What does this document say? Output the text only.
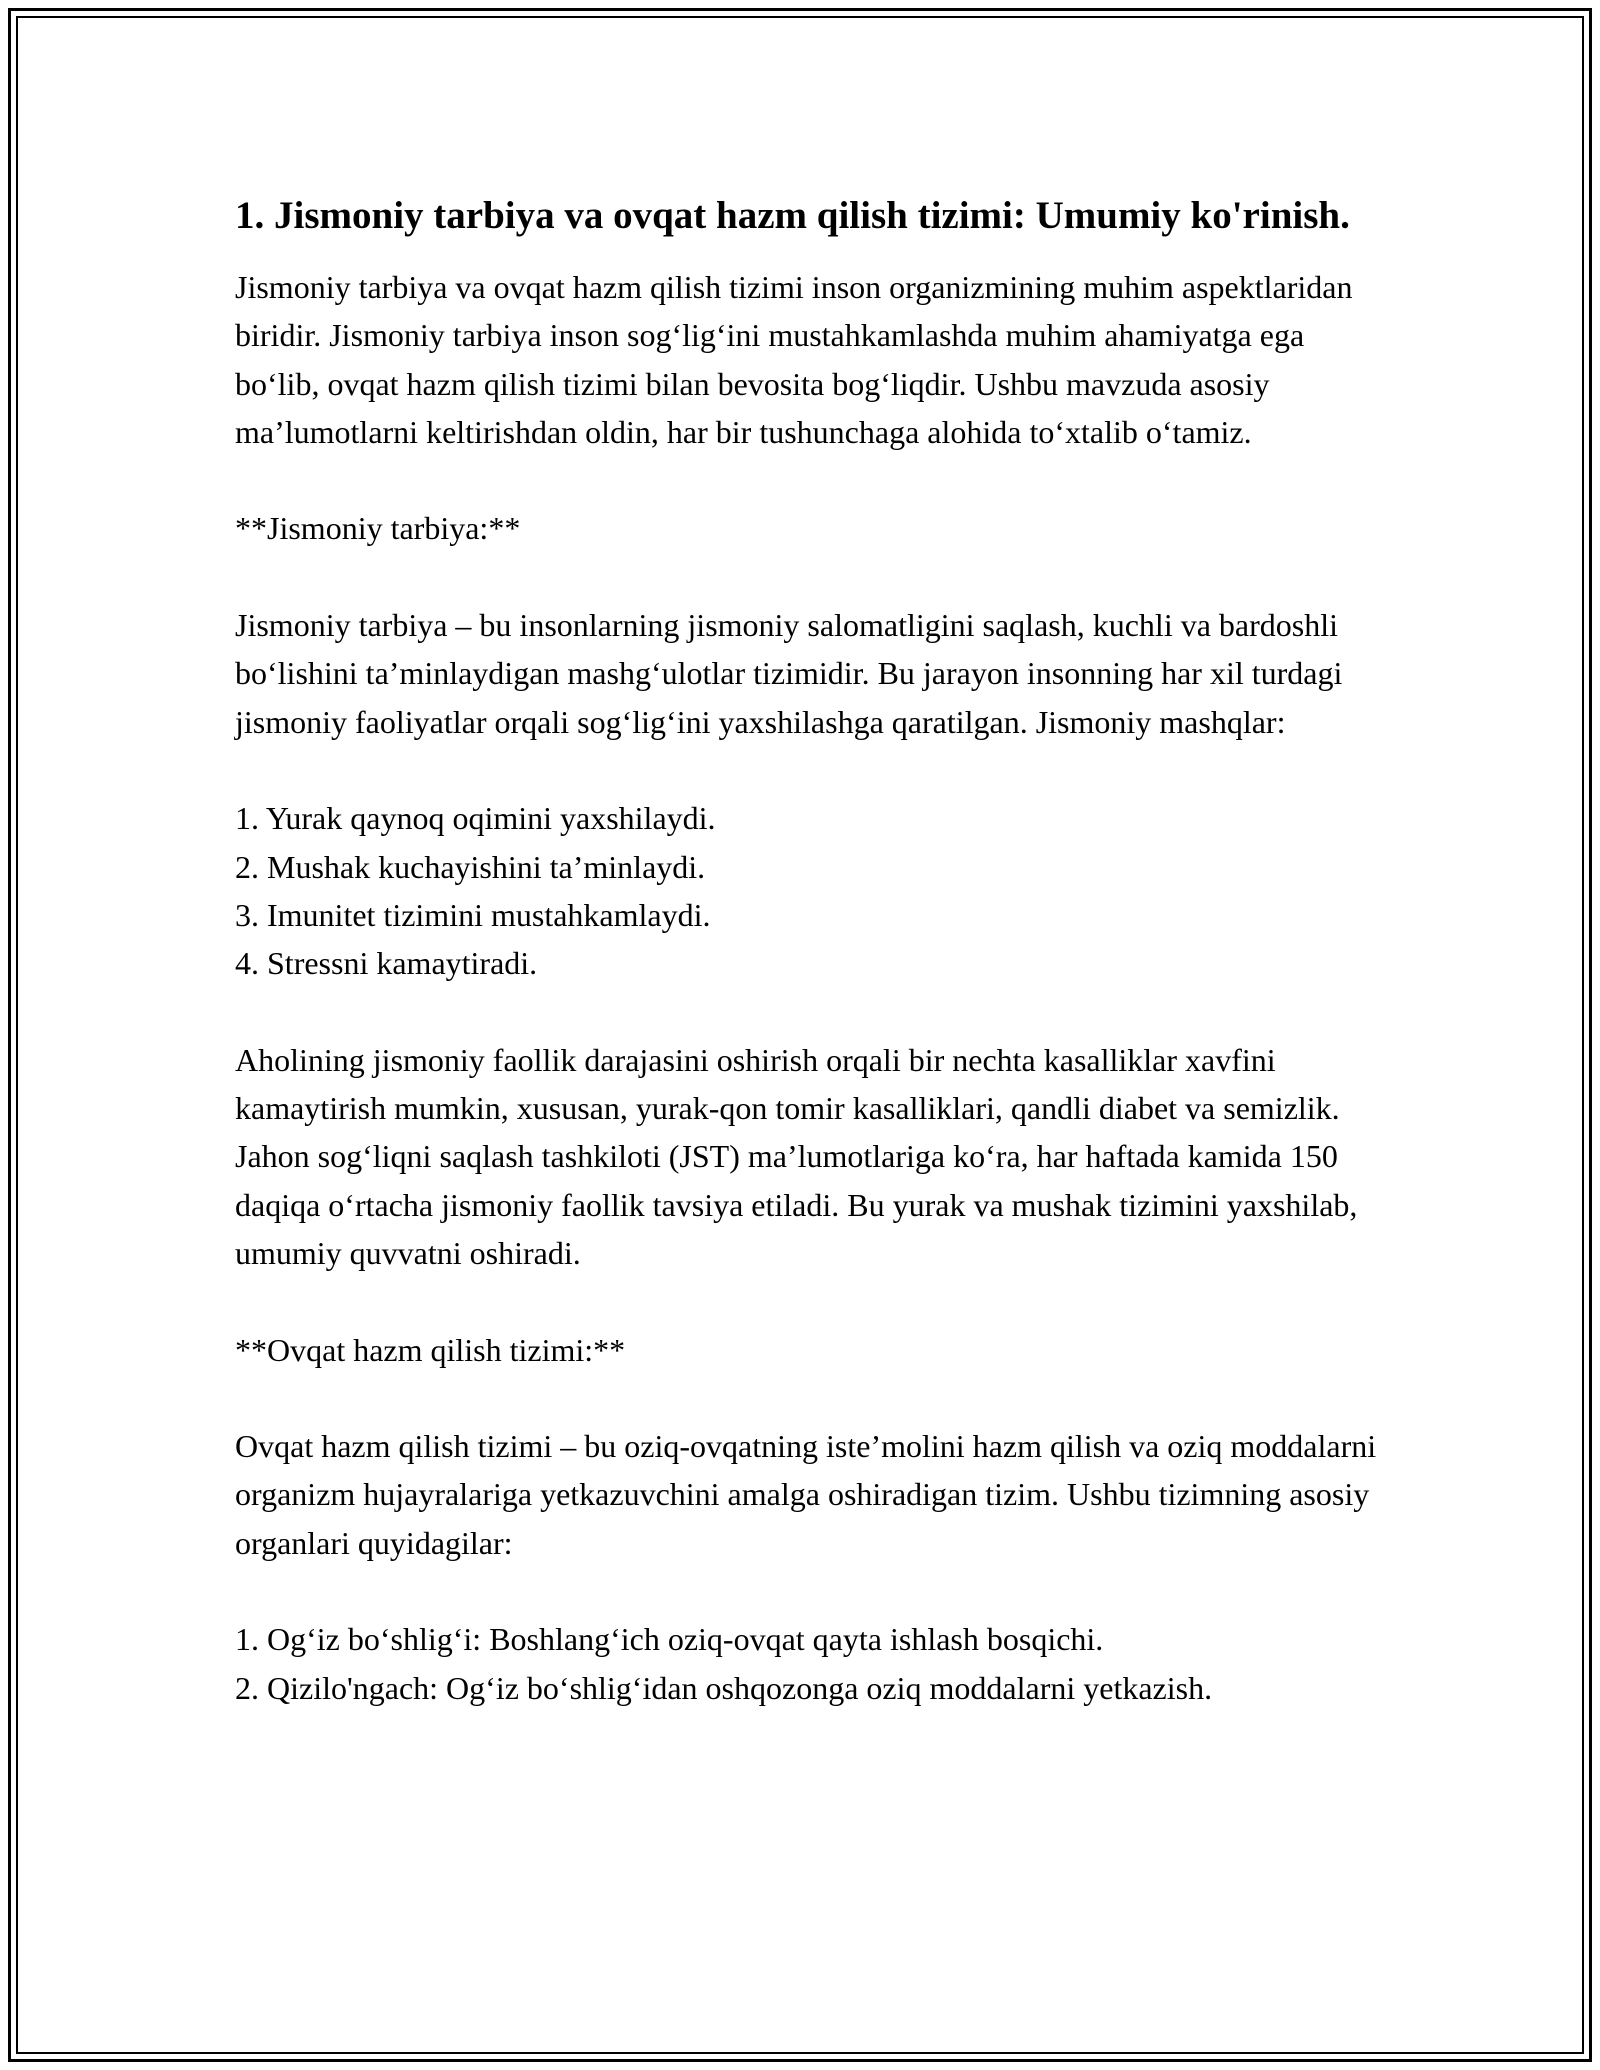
1. Jismoniy tarbiya va ovqat hazm qilish tizimi: Umumiy ko'rinish.

Jismoniy tarbiya va ovqat hazm qilish tizimi inson organizmining muhim aspektlaridan biridir. Jismoniy tarbiya inson sog‘lig‘ini mustahkamlashda muhim ahamiyatga ega bo‘lib, ovqat hazm qilish tizimi bilan bevosita bog‘liqdir. Ushbu mavzuda asosiy ma’lumotlarni keltirishdan oldin, har bir tushunchaga alohida to‘xtalib o‘tamiz.

**Jismoniy tarbiya:**

Jismoniy tarbiya – bu insonlarning jismoniy salomatligini saqlash, kuchli va bardoshli bo‘lishini ta’minlaydigan mashg‘ulotlar tizimidir. Bu jarayon insonning har xil turdagi jismoniy faoliyatlar orqali sog‘lig‘ini yaxshilashga qaratilgan. Jismoniy mashqlar:

1. Yurak qaynoq oqimini yaxshilaydi.

2. Mushak kuchayishini ta’minlaydi.

3. Imunitet tizimini mustahkamlaydi.

4. Stressni kamaytiradi.

Aholining jismoniy faollik darajasini oshirish orqali bir nechta kasalliklar xavfini kamaytirish mumkin, xususan, yurak-qon tomir kasalliklari, qandli diabet va semizlik. Jahon sog‘liqni saqlash tashkiloti (JST) ma’lumotlariga ko‘ra, har haftada kamida 150 daqiqa o‘rtacha jismoniy faollik tavsiya etiladi. Bu yurak va mushak tizimini yaxshilab, umumiy quvvatni oshiradi.

**Ovqat hazm qilish tizimi:**

Ovqat hazm qilish tizimi – bu oziq-ovqatning iste’molini hazm qilish va oziq moddalarni organizm hujayralariga yetkazuvchini amalga oshiradigan tizim. Ushbu tizimning asosiy organlari quyidagilar:

1. Og‘iz bo‘shlig‘i: Boshlang‘ich oziq-ovqat qayta ishlash bosqichi.

2. Qizilo'ngach: Og‘iz bo‘shlig‘idan oshqozonga oziq moddalarni yetkazish.
